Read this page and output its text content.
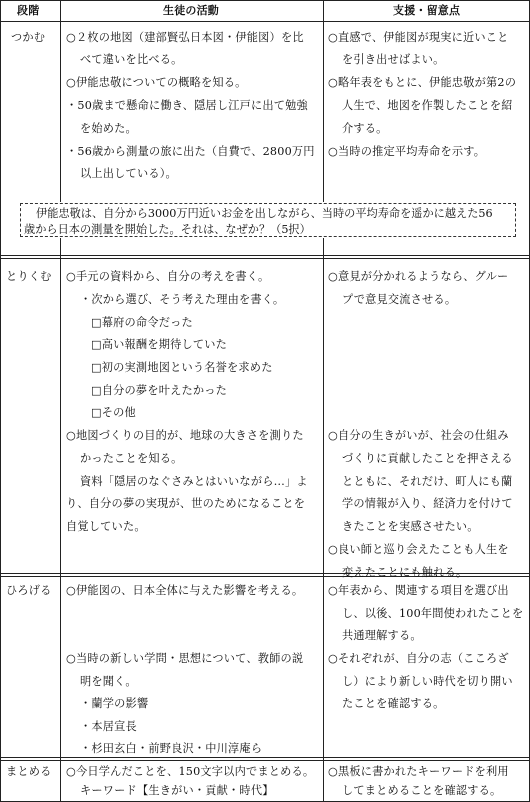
段階	生徒の活動	支援・留意点
つかむ ○２枚の地図（建部賢弘日本図・伊能図）を比
べて違いを比べる。
○伊能忠敬についての概略を知る。
・50歳まで懸命に働き、隠居し江戸に出て勉強
を始めた。
・56歳から測量の旅に出た（自費で、2800万円
以上出している）。
○直感で、伊能図が現実に近いこと
を引き出せばよい。
○略年表をもとに、伊能忠敬が第2の
人生で、地図を作製したことを紹
介する。
○当時の推定平均寿命を示す。
伊能忠敬は、自分から3000万円近いお金を出しながら、当時の平均寿命を遥かに越えた56
歳から日本の測量を開始した。それは、なぜか？（5択）
とりくむ ○手元の資料から、自分の考えを書く。
・次から選び、そう考えた理由を書く。
□幕府の命令だった
□高い報酬を期待していた
□初の実測地図という名誉を求めた
□自分の夢を叶えたかった
□その他
○地図づくりの目的が、地球の大きさを測りた
かったことを知る。
資料「隠居のなぐさみとはいいながら…」よ
り、自分の夢の実現が、世のためになることを
自覚していた。
○意見が分かれるようなら、グルー
プで意見交流させる。
○自分の生きがいが、社会の仕組み
づくりに貢献したことを押さえる
とともに、それだけ、町人にも蘭
学の情報が入り、経済力を付けて
きたことを実感させたい。
○良い師と巡り会えたことも人生を
変えたことにも触れる。
ひろげる ○伊能図の、日本全体に与えた影響を考える。
○当時の新しい学問・思想について、教師の説
明を聞く。
・蘭学の影響
・本居宣長
・杉田玄白・前野良沢・中川淳庵ら
○年表から、関連する項目を選び出
し、以後、100年間使われたことを
共通理解する。
○それぞれが、自分の志（こころざ
し）により新しい時代を切り開い
たことを確認する。
まとめる ○今日学んだことを、150文字以内でまとめる。
キーワード【生きがい・貢献・時代】
○黒板に書かれたキーワードを利用
してまとめることを確認する。
